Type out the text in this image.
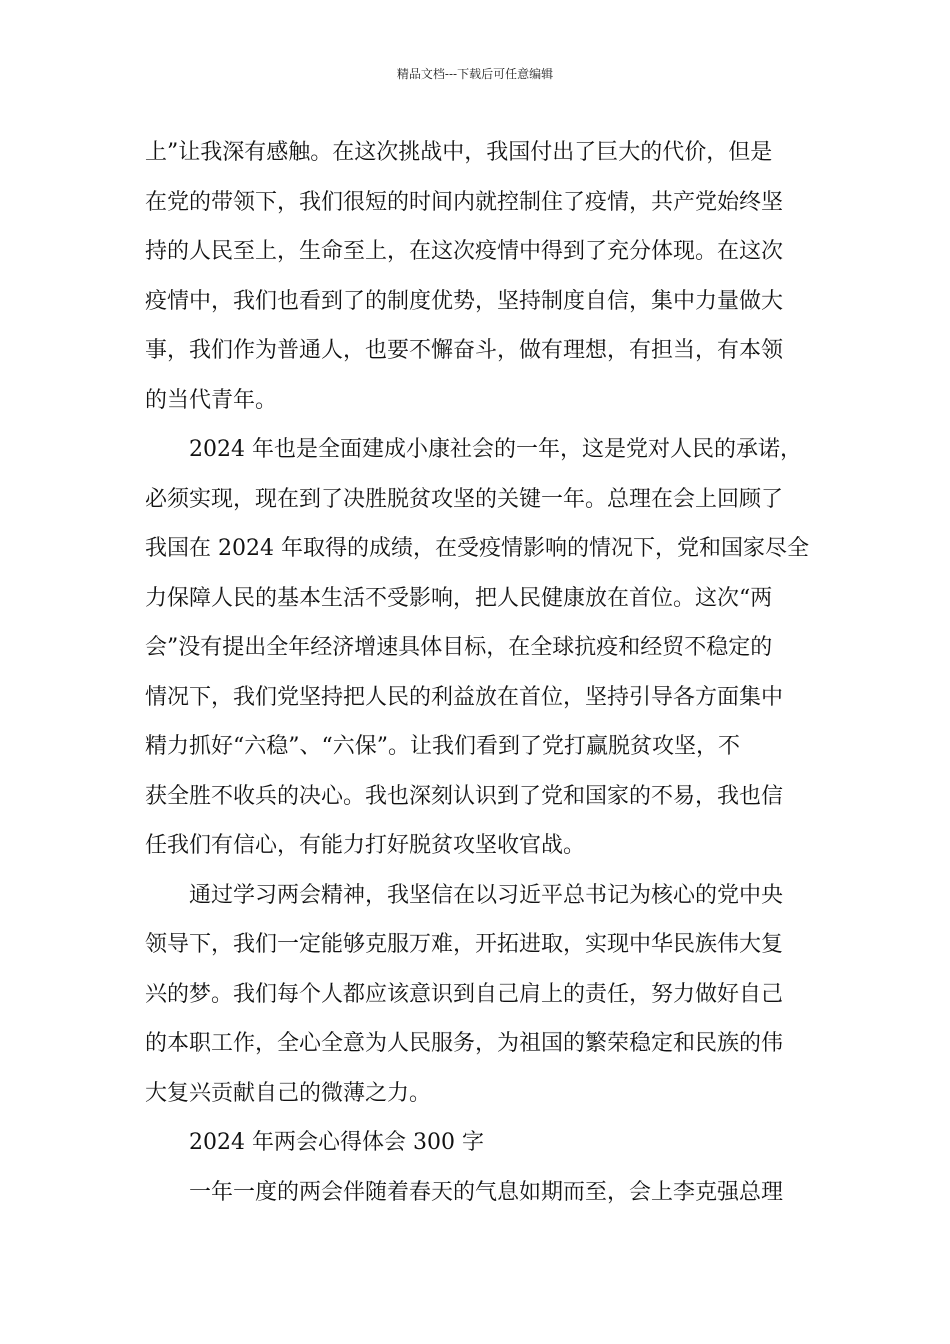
精品文档---下载后可任意编辑
上”让我深有感触。在这次挑战中，我国付出了巨大的代价，但是
在党的带领下，我们很短的时间内就控制住了疫情，共产党始终坚
持的人民至上，生命至上，在这次疫情中得到了充分体现。在这次
疫情中，我们也看到了的制度优势，坚持制度自信，集中力量做大
事，我们作为普通人，也要不懈奋斗，做有理想，有担当，有本领
的当代青年。
2024 年也是全面建成小康社会的一年，这是党对人民的承诺，
必须实现，现在到了决胜脱贫攻坚的关键一年。总理在会上回顾了
我国在 2024 年取得的成绩，在受疫情影响的情况下，党和国家尽全
力保障人民的基本生活不受影响，把人民健康放在首位。这次“两
会”没有提出全年经济增速具体目标，在全球抗疫和经贸不稳定的
情况下，我们党坚持把人民的利益放在首位，坚持引导各方面集中
精力抓好“六稳”、“六保”。让我们看到了党打赢脱贫攻坚，不
获全胜不收兵的决心。我也深刻认识到了党和国家的不易，我也信
任我们有信心，有能力打好脱贫攻坚收官战。
通过学习两会精神，我坚信在以习近平总书记为核心的党中央
领导下，我们一定能够克服万难，开拓进取，实现中华民族伟大复
兴的梦。我们每个人都应该意识到自己肩上的责任，努力做好自己
的本职工作，全心全意为人民服务，为祖国的繁荣稳定和民族的伟
大复兴贡献自己的微薄之力。
2024 年两会心得体会 300 字
一年一度的两会伴随着春天的气息如期而至，会上李克强总理
